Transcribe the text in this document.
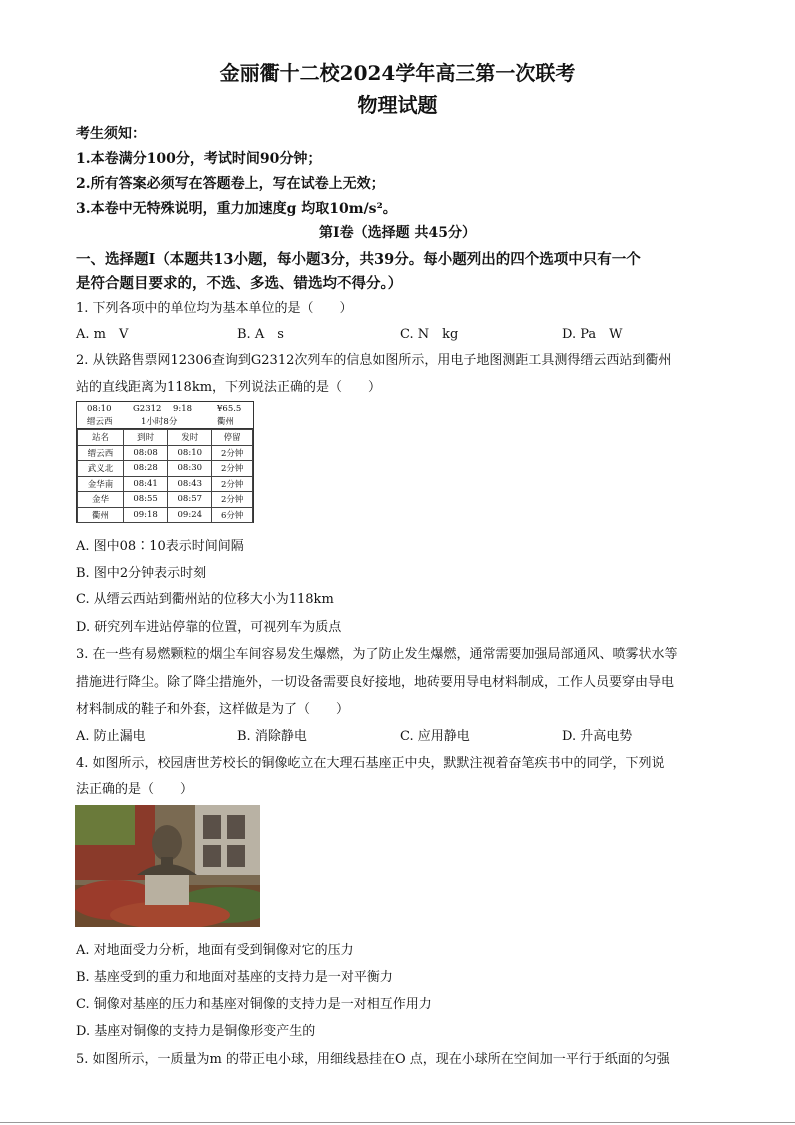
金丽衢十二校2024学年高三第一次联考
物理试题
考生须知：
1.本卷满分100分，考试时间90分钟；
2.所有答案必须写在答题卷上，写在试卷上无效；
3.本卷中无特殊说明，重力加速度g 均取10m/s²。
第Ⅰ卷（选择题 共45分）
一、选择题Ⅰ（本题共13小题，每小题3分，共39分。每小题列出的四个选项中只有一个
是符合题目要求的，不选、多选、错选均不得分。）
1. 下列各项中的单位均为基本单位的是（　　）
A. m　V	B. A　s	C. N　kg	D. Pa　W
2. 从铁路售票网12306查询到G2312次列车的信息如图所示，用电子地图测距工具测得缙云西站到衢州
站的直线距离为118km，下列说法正确的是（　　）
08:10	G2312 9:18	¥65.5
缙云西	1小时8分	衢州
站名	到时	发时	停留
缙云西	08:08	08:10	2分钟
武义北	08:28	08:30	2分钟
金华南	08:41	08:43	2分钟
金华	08:55	08:57	2分钟
衢州	09:18	09:24	6分钟
A. 图中08∶10表示时间间隔
B. 图中2分钟表示时刻
C. 从缙云西站到衢州站的位移大小为118km
D. 研究列车进站停靠的位置，可视列车为质点
3. 在一些有易燃颗粒的烟尘车间容易发生爆燃，为了防止发生爆燃，通常需要加强局部通风、喷雾状水等
措施进行降尘。除了降尘措施外，一切设备需要良好接地，地砖要用导电材料制成，工作人员要穿由导电
材料制成的鞋子和外套，这样做是为了（　　）
A. 防止漏电	B. 消除静电	C. 应用静电	D. 升高电势
4. 如图所示，校园唐世芳校长的铜像屹立在大理石基座正中央，默默注视着奋笔疾书中的同学，下列说
法正确的是（　　）
A. 对地面受力分析，地面有受到铜像对它的压力
B. 基座受到的重力和地面对基座的支持力是一对平衡力
C. 铜像对基座的压力和基座对铜像的支持力是一对相互作用力
D. 基座对铜像的支持力是铜像形变产生的
5. 如图所示，一质量为m 的带正电小球，用细线悬挂在O 点，现在小球所在空间加一平行于纸面的匀强
